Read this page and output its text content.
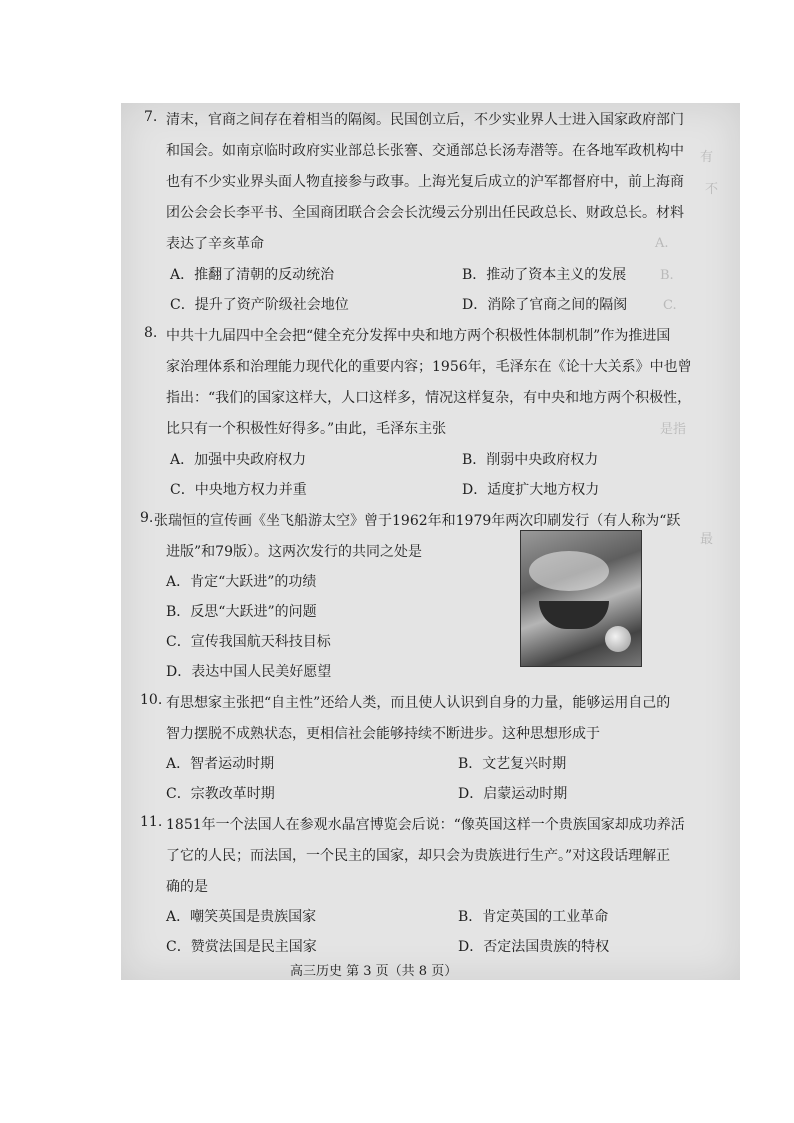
有
不
A.
B.
C.
是指
最
7. 清末，官商之间存在着相当的隔阂。民国创立后，不少实业界人士进入国家政府部门
和国会。如南京临时政府实业部总长张謇、交通部总长汤寿潜等。在各地军政机构中
也有不少实业界头面人物直接参与政事。上海光复后成立的沪军都督府中，前上海商
团公会会长李平书、全国商团联合会会长沈缦云分别出任民政总长、财政总长。材料
表达了辛亥革命
A．推翻了清朝的反动统治	B．推动了资本主义的发展
C．提升了资产阶级社会地位	D．消除了官商之间的隔阂
8. 中共十九届四中全会把“健全充分发挥中央和地方两个积极性体制机制”作为推进国
家治理体系和治理能力现代化的重要内容；1956年，毛泽东在《论十大关系》中也曾
指出：“我们的国家这样大，人口这样多，情况这样复杂，有中央和地方两个积极性，
比只有一个积极性好得多。”由此，毛泽东主张
A．加强中央政府权力	B．削弱中央政府权力
C．中央地方权力并重	D．适度扩大地方权力
9. 张瑞恒的宣传画《坐飞船游太空》曾于1962年和1979年两次印刷发行（有人称为“跃
进版”和79版）。这两次发行的共同之处是
A．肯定“大跃进”的功绩
B．反思“大跃进”的问题
C．宣传我国航天科技目标
D．表达中国人民美好愿望
10. 有思想家主张把“自主性”还给人类，而且使人认识到自身的力量，能够运用自己的
智力摆脱不成熟状态，更相信社会能够持续不断进步。这种思想形成于
A．智者运动时期	B．文艺复兴时期
C．宗教改革时期	D．启蒙运动时期
11. 1851年一个法国人在参观水晶宫博览会后说：“像英国这样一个贵族国家却成功养活
了它的人民；而法国，一个民主的国家，却只会为贵族进行生产。”对这段话理解正
确的是
A．嘲笑英国是贵族国家	B．肯定英国的工业革命
C．赞赏法国是民主国家	D．否定法国贵族的特权
高三历史 第 3 页（共 8 页）
